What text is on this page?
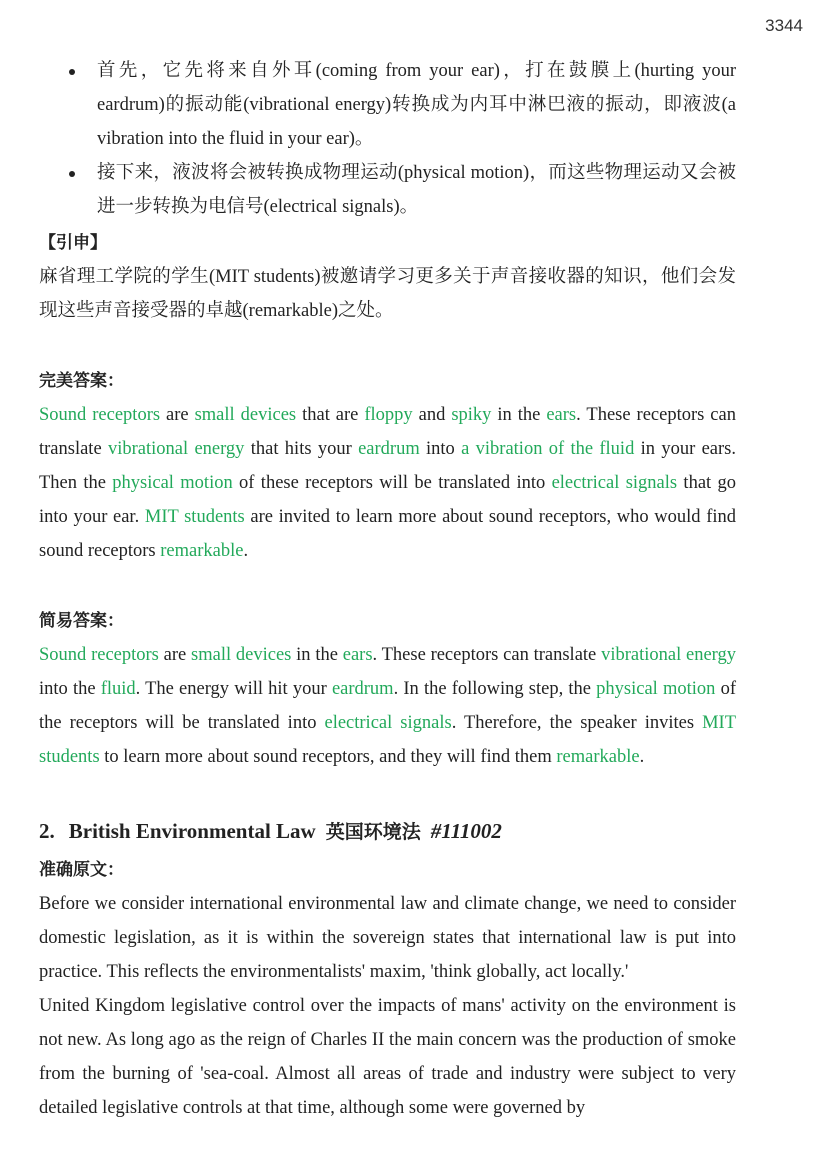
3344
首先，它先将来自外耳(coming from your ear)，打在鼓膜上(hurting your eardrum)的振动能(vibrational energy)转换成为内耳中淋巴液的振动，即液波(a vibration into the fluid in your ear)。
接下来，液波将会被转换成物理运动(physical motion)，而这些物理运动又会被进一步转换为电信号(electrical signals)。
【引申】

麻省理工学院的学生(MIT students)被邀请学习更多关于声音接收器的知识，他们会发现这些声音接受器的卓越(remarkable)之处。

完美答案：

Sound receptors are small devices that are floppy and spiky in the ears. These receptors can translate vibrational energy that hits your eardrum into a vibration of the fluid in your ears. Then the physical motion of these receptors will be translated into electrical signals that go into your ear. MIT students are invited to learn more about sound receptors, who would find sound receptors remarkable.

简易答案：

Sound receptors are small devices in the ears. These receptors can translate vibrational energy into the fluid. The energy will hit your eardrum. In the following step, the physical motion of the receptors will be translated into electrical signals. Therefore, the speaker invites MIT students to learn more about sound receptors, and they will find them remarkable.

2. British Environmental Law 英国环境法 #111002
准确原文：

Before we consider international environmental law and climate change, we need to consider domestic legislation, as it is within the sovereign states that international law is put into practice. This reflects the environmentalists' maxim, 'think globally, act locally.'

United Kingdom legislative control over the impacts of mans' activity on the environment is not new. As long ago as the reign of Charles II the main concern was the production of smoke from the burning of 'sea-coal. Almost all areas of trade and industry were subject to very detailed legislative controls at that time, although some were governed by
